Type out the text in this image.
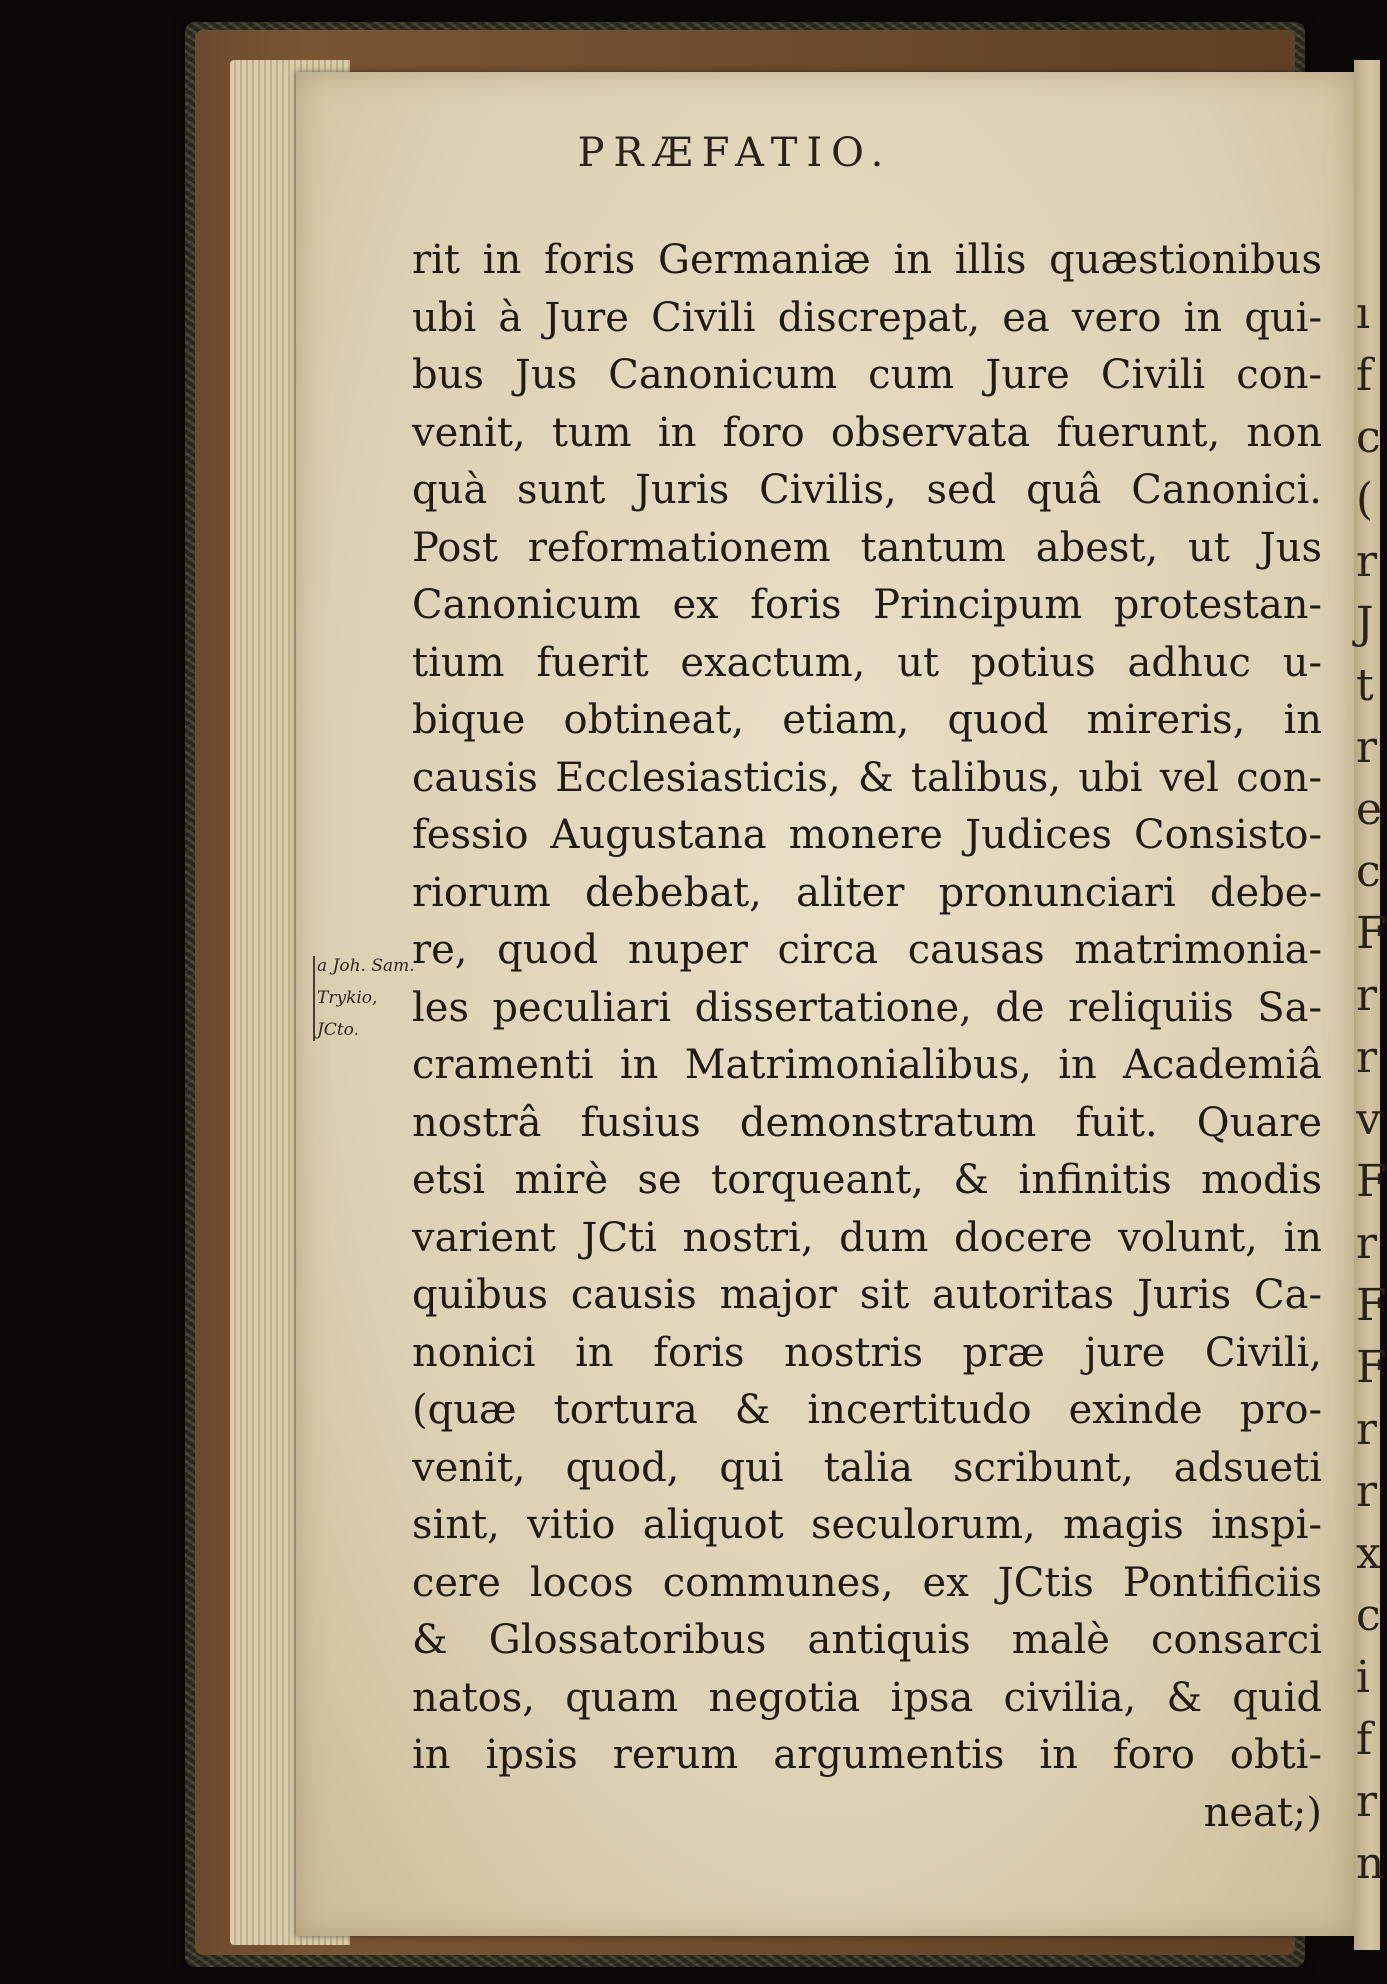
ı
f
c
(
r
J
t
r
e
c
F
r
r
v
F
r
F
F
r
r
x
c
i
f
r
n
PRÆFATIO.
rit in foris Germaniæ in illis quæstionibus
ubi à Jure Civili discrepat, ea vero in qui-
bus Jus Canonicum cum Jure Civili con-
venit, tum in foro observata fuerunt, non
quà sunt Juris Civilis, sed quâ Canonici.
Post reformationem tantum abest, ut Jus
Canonicum ex foris Principum protestan-
tium fuerit exactum, ut potius adhuc u-
bique obtineat, etiam, quod mireris, in
causis Ecclesiasticis, & talibus, ubi vel con-
fessio Augustana monere Judices Consisto-
riorum debebat, aliter pronunciari debe-
re, quod nuper circa causas matrimonia-
les peculiari dissertatione, de reliquiis Sa-
cramenti in Matrimonialibus, in Academiâ
nostrâ fusius demonstratum fuit. Quare
etsi mirè se torqueant, & infinitis modis
varient JCti nostri, dum docere volunt, in
quibus causis major sit autoritas Juris Ca-
nonici in foris nostris præ jure Civili,
(quæ tortura & incertitudo exinde pro-
venit, quod, qui talia scribunt, adsueti
sint, vitio aliquot seculorum, magis inspi-
cere locos communes, ex JCtis Pontificiis
& Glossatoribus antiquis malè consarci
natos, quam negotia ipsa civilia, & quid
in ipsis rerum argumentis in foro obti-
neat;)
a Joh. Sam.
Trykio,
JCto.
